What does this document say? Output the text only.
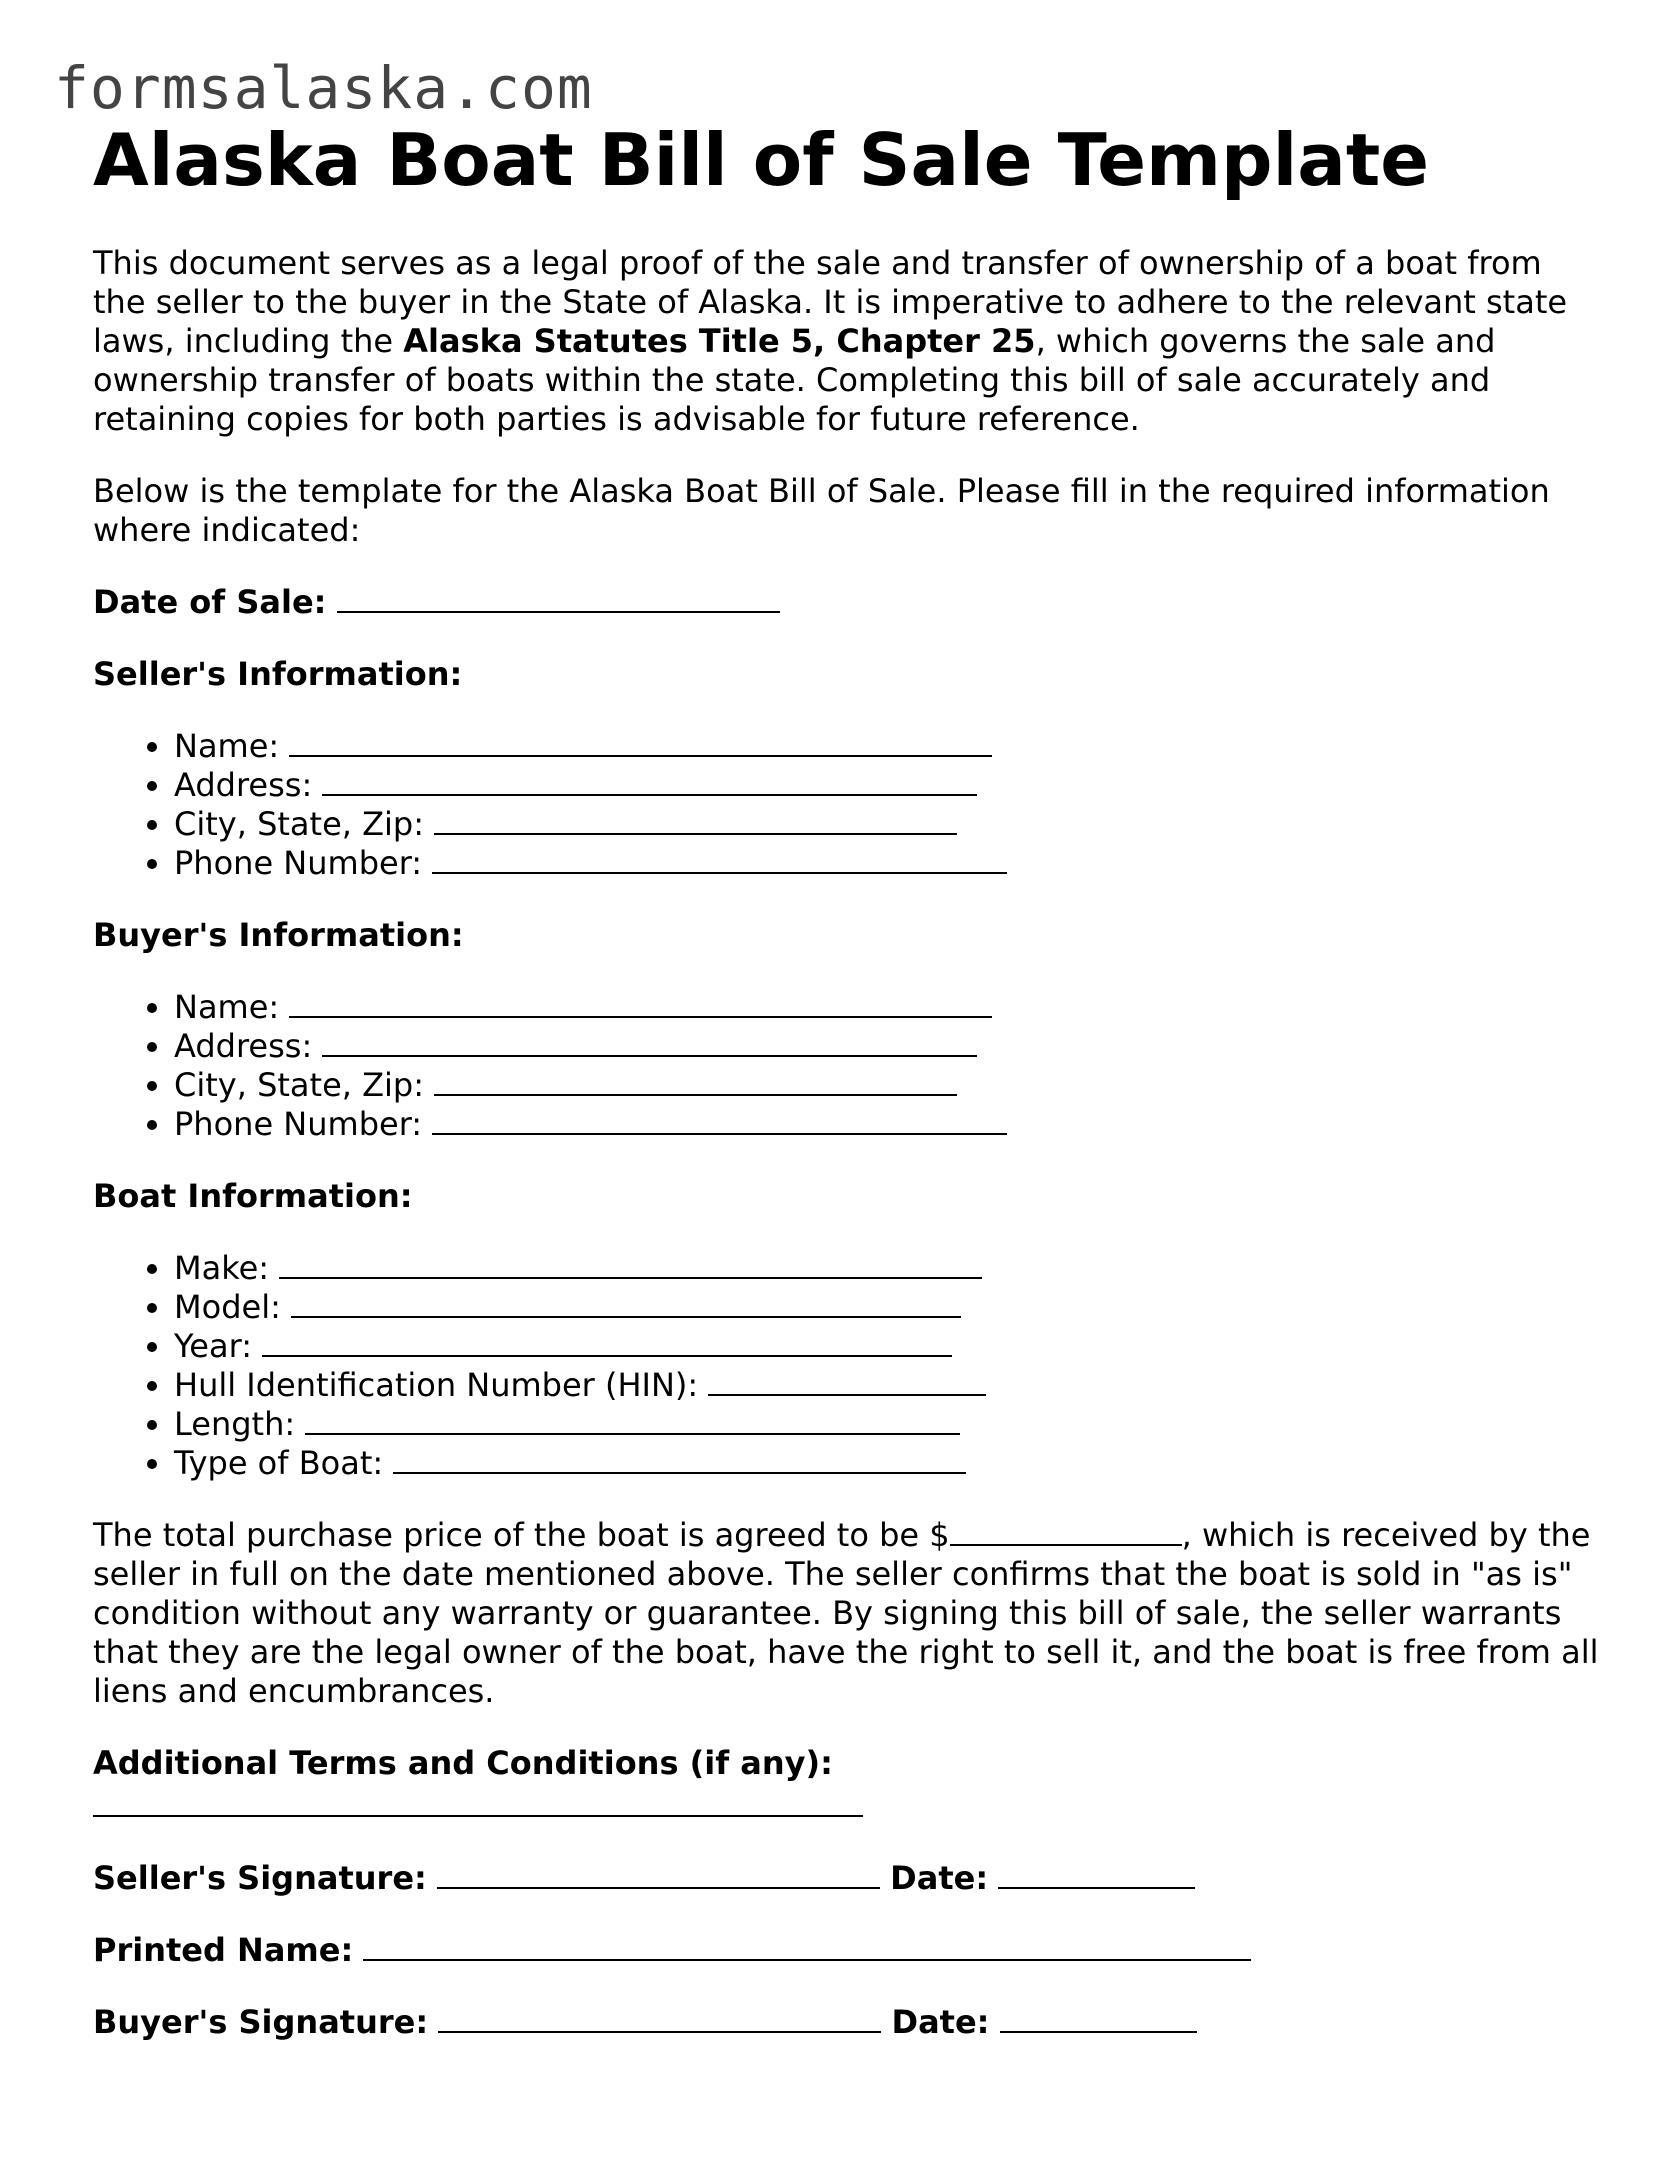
formsalaska.com
Alaska Boat Bill of Sale Template

This document serves as a legal proof of the sale and transfer of ownership of a boat from the seller to the buyer in the State of Alaska. It is imperative to adhere to the relevant state laws, including the Alaska Statutes Title 5, Chapter 25, which governs the sale and ownership transfer of boats within the state. Completing this bill of sale accurately and retaining copies for both parties is advisable for future reference.

Below is the template for the Alaska Boat Bill of Sale. Please fill in the required information where indicated:

Date of Sale:

Seller's Information:
• Name:
• Address:
• City, State, Zip:
• Phone Number:
Buyer's Information:
• Name:
• Address:
• City, State, Zip:
• Phone Number:
Boat Information:
• Make:
• Model:
• Year:
• Hull Identification Number (HIN):
• Length:
• Type of Boat:

The total purchase price of the boat is agreed to be $	, which is received by the seller in full on the date mentioned above. The seller confirms that the boat is sold in "as is" condition without any warranty or guarantee. By signing this bill of sale, the seller warrants that they are the legal owner of the boat, have the right to sell it, and the boat is free from all liens and encumbrances.

Additional Terms and Conditions (if any):

Seller's Signature:	Date:

Printed Name:

Buyer's Signature:	Date:
